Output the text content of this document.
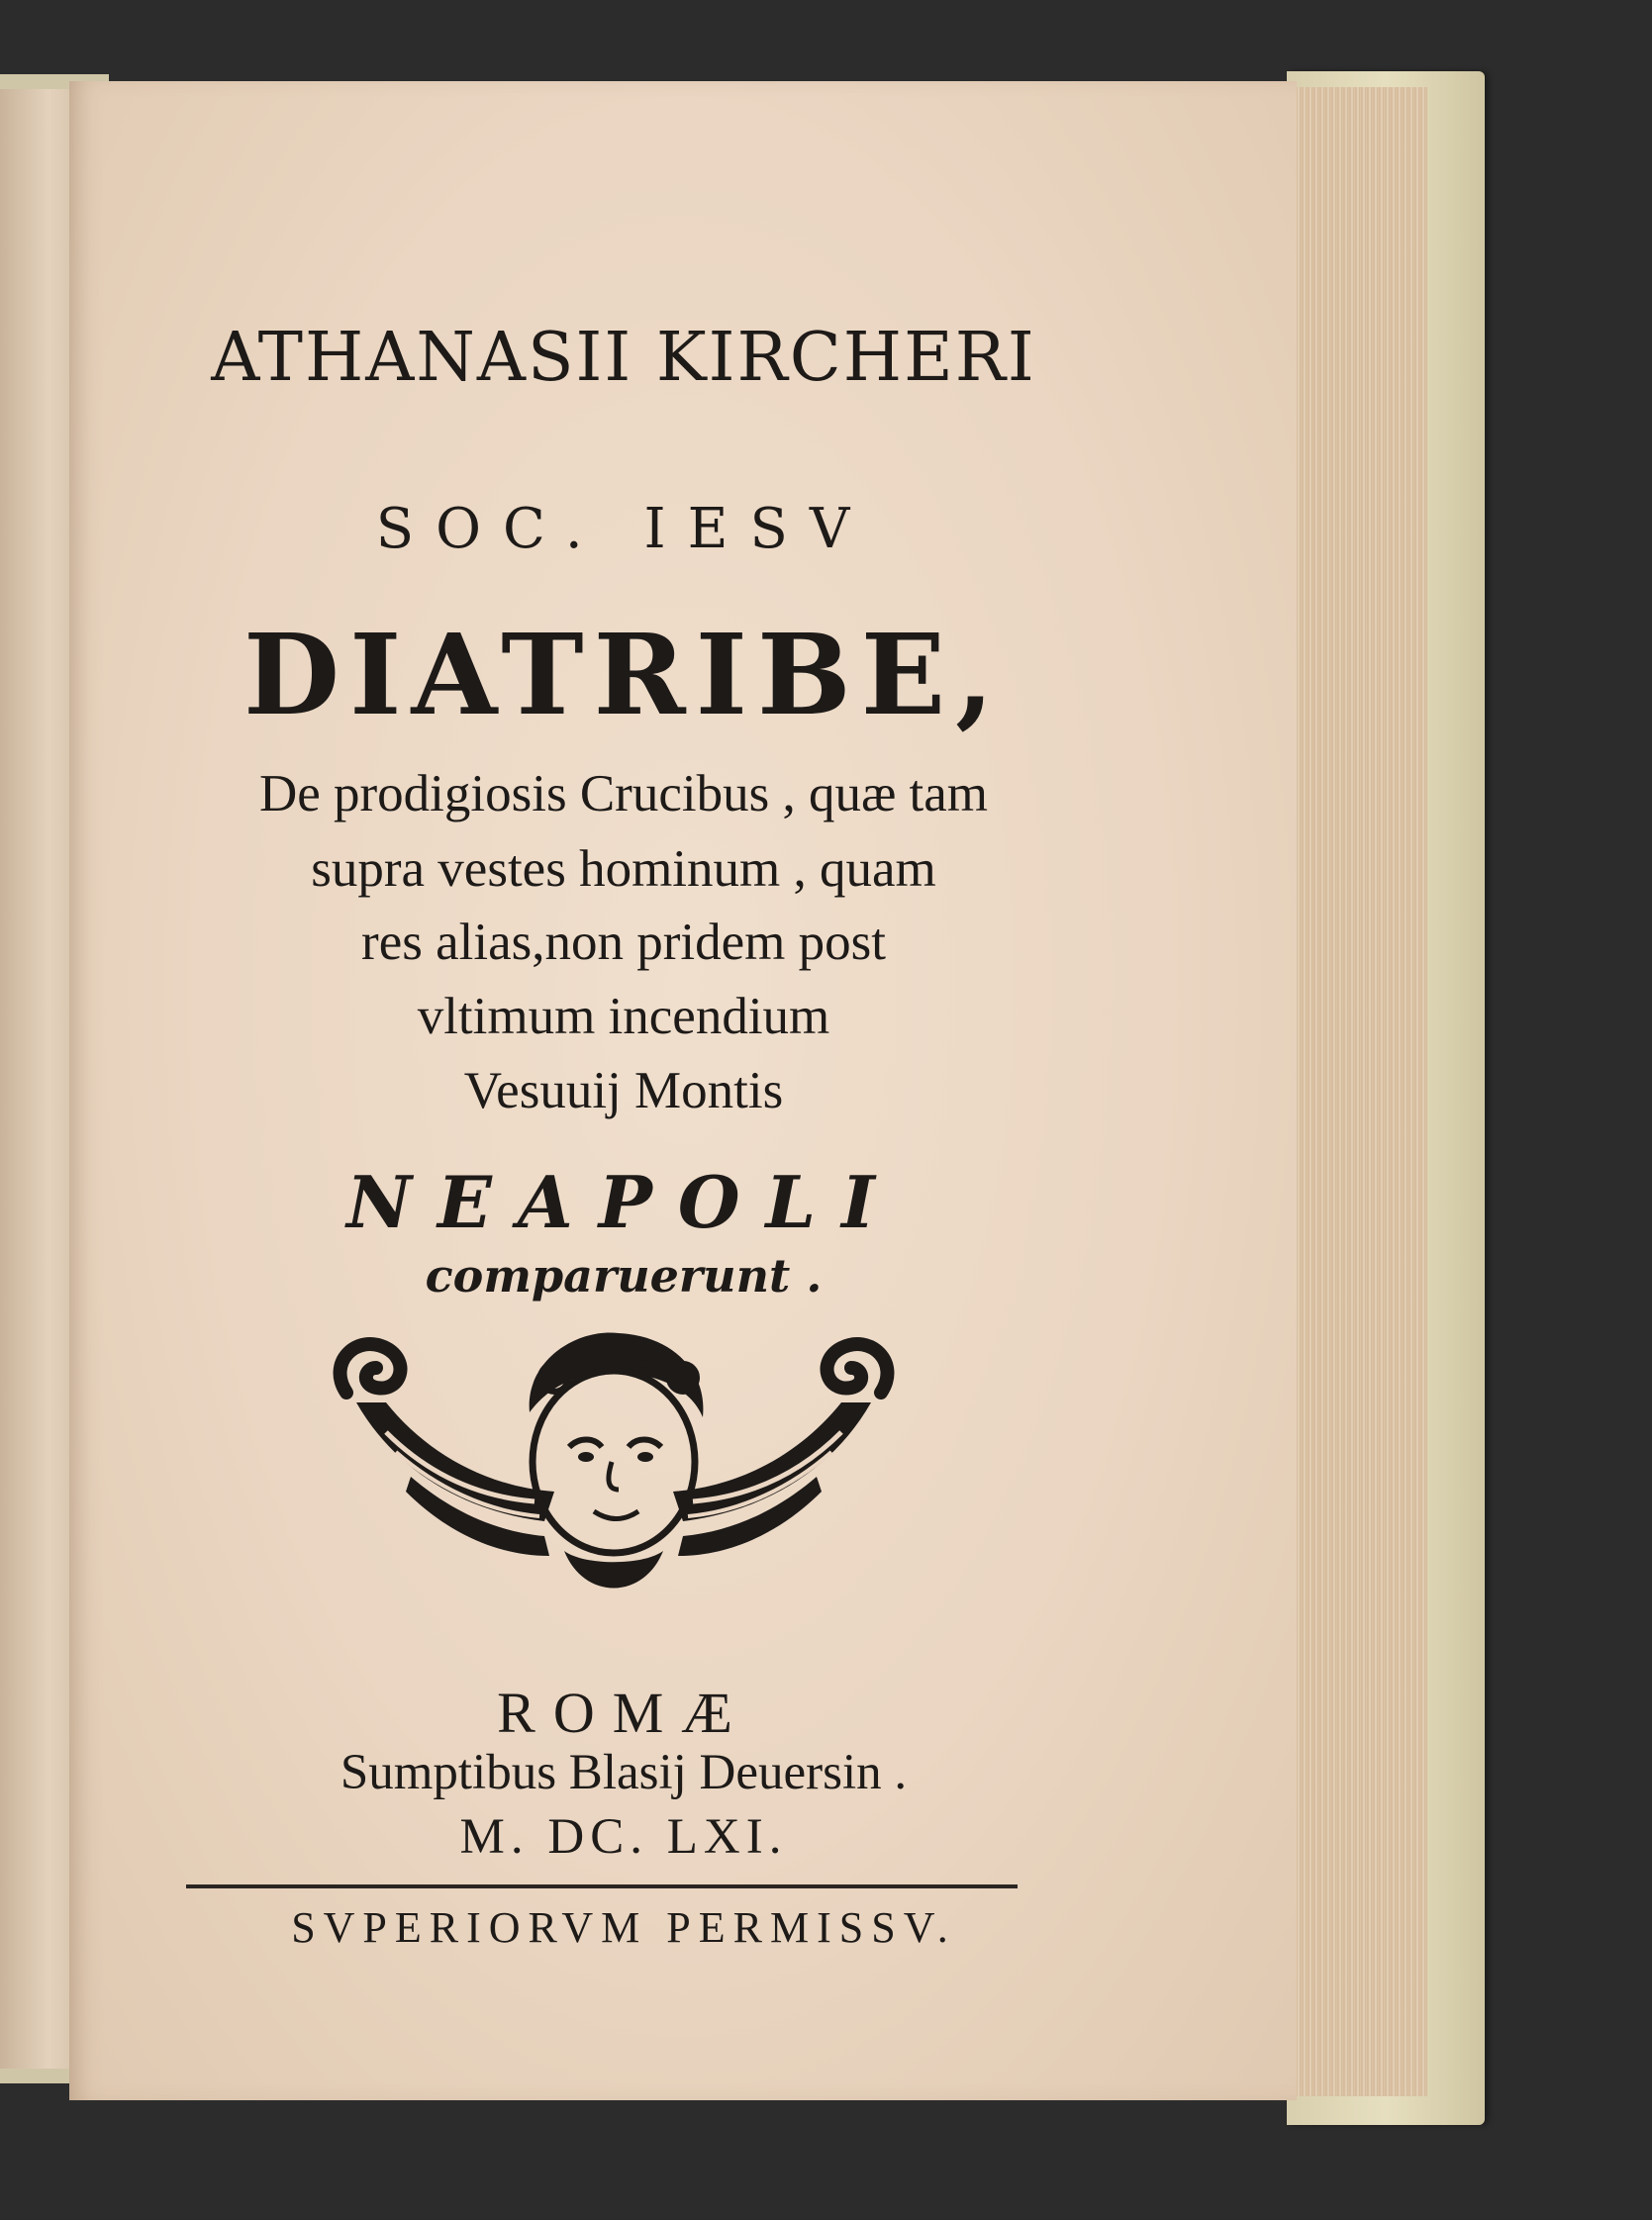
ATHANASII KIRCHERI

SOC. IESV

DIATRIBE,

De prodigiosis Crucibus , quæ tam

supra vestes hominum , quam

res alias,non pridem post

vltimum incendium

Vesuuij Montis

NEAPOLI

comparuerunt .

ROMÆ

Sumptibus Blasij Deuersin .

M. DC. LXI.

SVPERIORVM PERMISSV.
